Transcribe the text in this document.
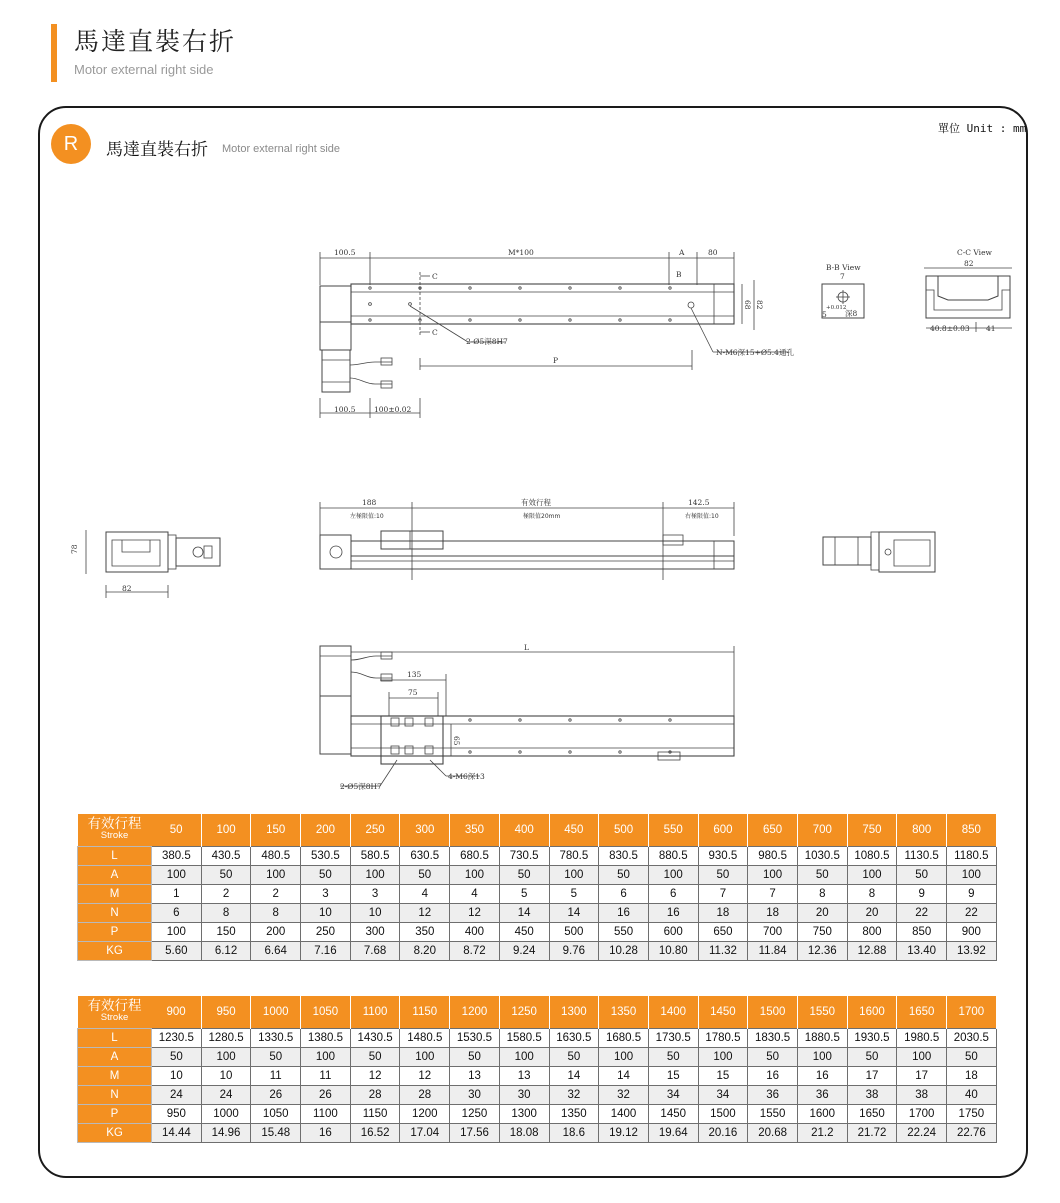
馬達直裝右折
Motor external right side
R	馬達直裝右折 Motor external right side
單位 Unit : mm
100.5	M*100	A	80
C
C
B
68 82
2-Ø5深8H7
N-M6深15+Ø5.4通孔
P
100.5 100±0.02
B-B View
7
+0.012
5 深8
C-C View
82
40.8±0.03 41
188	有效行程	142.5
左極限值:10	極限值20mm	右極限值:10
78
82
L
135
75
65
4-M6深13
2-Ø5深8H7
有效行程
Stroke	50	100	150	200	250	300	350	400	450	500	550	600	650	700	750	800	850
L	380.5	430.5	480.5	530.5	580.5	630.5	680.5	730.5	780.5	830.5	880.5	930.5	980.5	1030.5	1080.5	1130.5	1180.5
A	100	50	100	50	100	50	100	50	100	50	100	50	100	50	100	50	100
M	1	2	2	3	3	4	4	5	5	6	6	7	7	8	8	9	9
N	6	8	8	10	10	12	12	14	14	16	16	18	18	20	20	22	22
P	100	150	200	250	300	350	400	450	500	550	600	650	700	750	800	850	900
KG	5.60	6.12	6.64	7.16	7.68	8.20	8.72	9.24	9.76	10.28	10.80	11.32	11.84	12.36	12.88	13.40	13.92
有效行程
Stroke	900	950	1000	1050	1100	1150	1200	1250	1300	1350	1400	1450	1500	1550	1600	1650	1700
L	1230.5	1280.5	1330.5	1380.5	1430.5	1480.5	1530.5	1580.5	1630.5	1680.5	1730.5	1780.5	1830.5	1880.5	1930.5	1980.5	2030.5
A	50	100	50	100	50	100	50	100	50	100	50	100	50	100	50	100	50
M	10	10	11	11	12	12	13	13	14	14	15	15	16	16	17	17	18
N	24	24	26	26	28	28	30	30	32	32	34	34	36	36	38	38	40
P	950	1000	1050	1100	1150	1200	1250	1300	1350	1400	1450	1500	1550	1600	1650	1700	1750
KG	14.44	14.96	15.48	16	16.52	17.04	17.56	18.08	18.6	19.12	19.64	20.16	20.68	21.2	21.72	22.24	22.76
